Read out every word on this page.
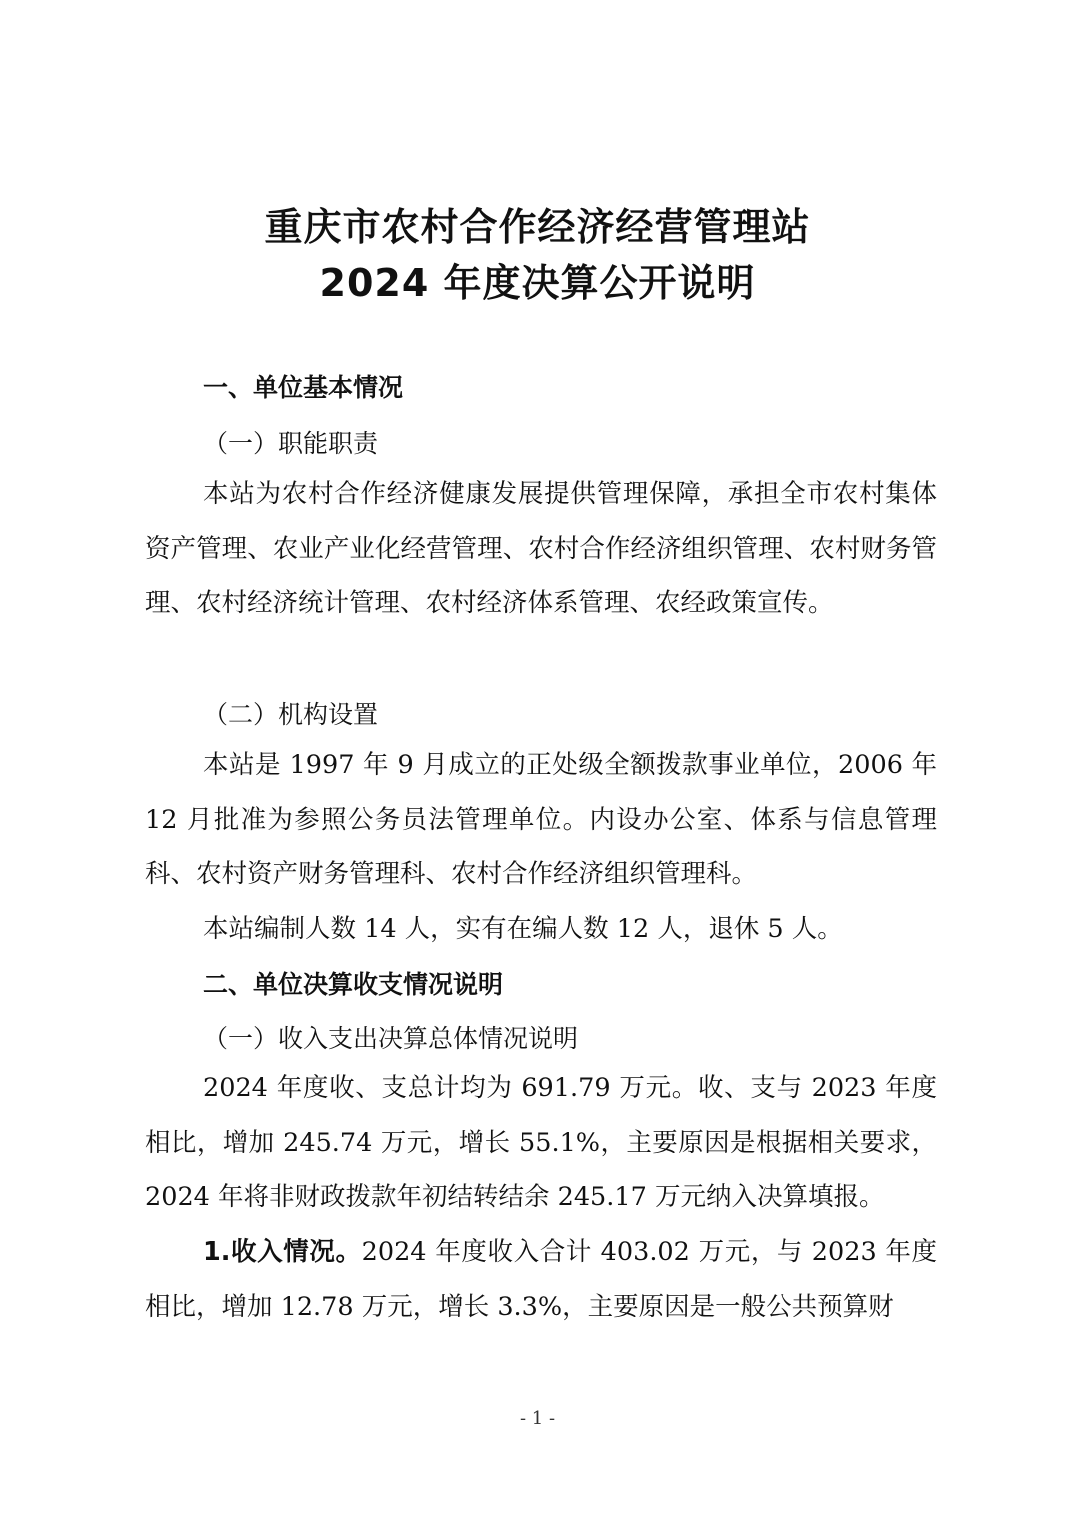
重庆市农村合作经济经营管理站
2024 年度决算公开说明
一、单位基本情况
（一）职能职责

本站为农村合作经济健康发展提供管理保障，承担全市农村集体资产管理、农业产业化经营管理、农村合作经济组织管理、农村财务管理、农村经济统计管理、农村经济体系管理、农经政策宣传。

（二）机构设置

本站是 1997 年 9 月成立的正处级全额拨款事业单位，2006 年 12 月批准为参照公务员法管理单位。内设办公室、体系与信息管理科、农村资产财务管理科、农村合作经济组织管理科。

本站编制人数 14 人，实有在编人数 12 人，退休 5 人。

二、单位决算收支情况说明
（一）收入支出决算总体情况说明

2024 年度收、支总计均为 691.79 万元。收、支与 2023 年度相比，增加 245.74 万元，增长 55.1%，主要原因是根据相关要求，2024 年将非财政拨款年初结转结余 245.17 万元纳入决算填报。

1.收入情况。2024 年度收入合计 403.02 万元，与 2023 年度相比，增加 12.78 万元，增长 3.3%，主要原因是一般公共预算财

- 1 -
